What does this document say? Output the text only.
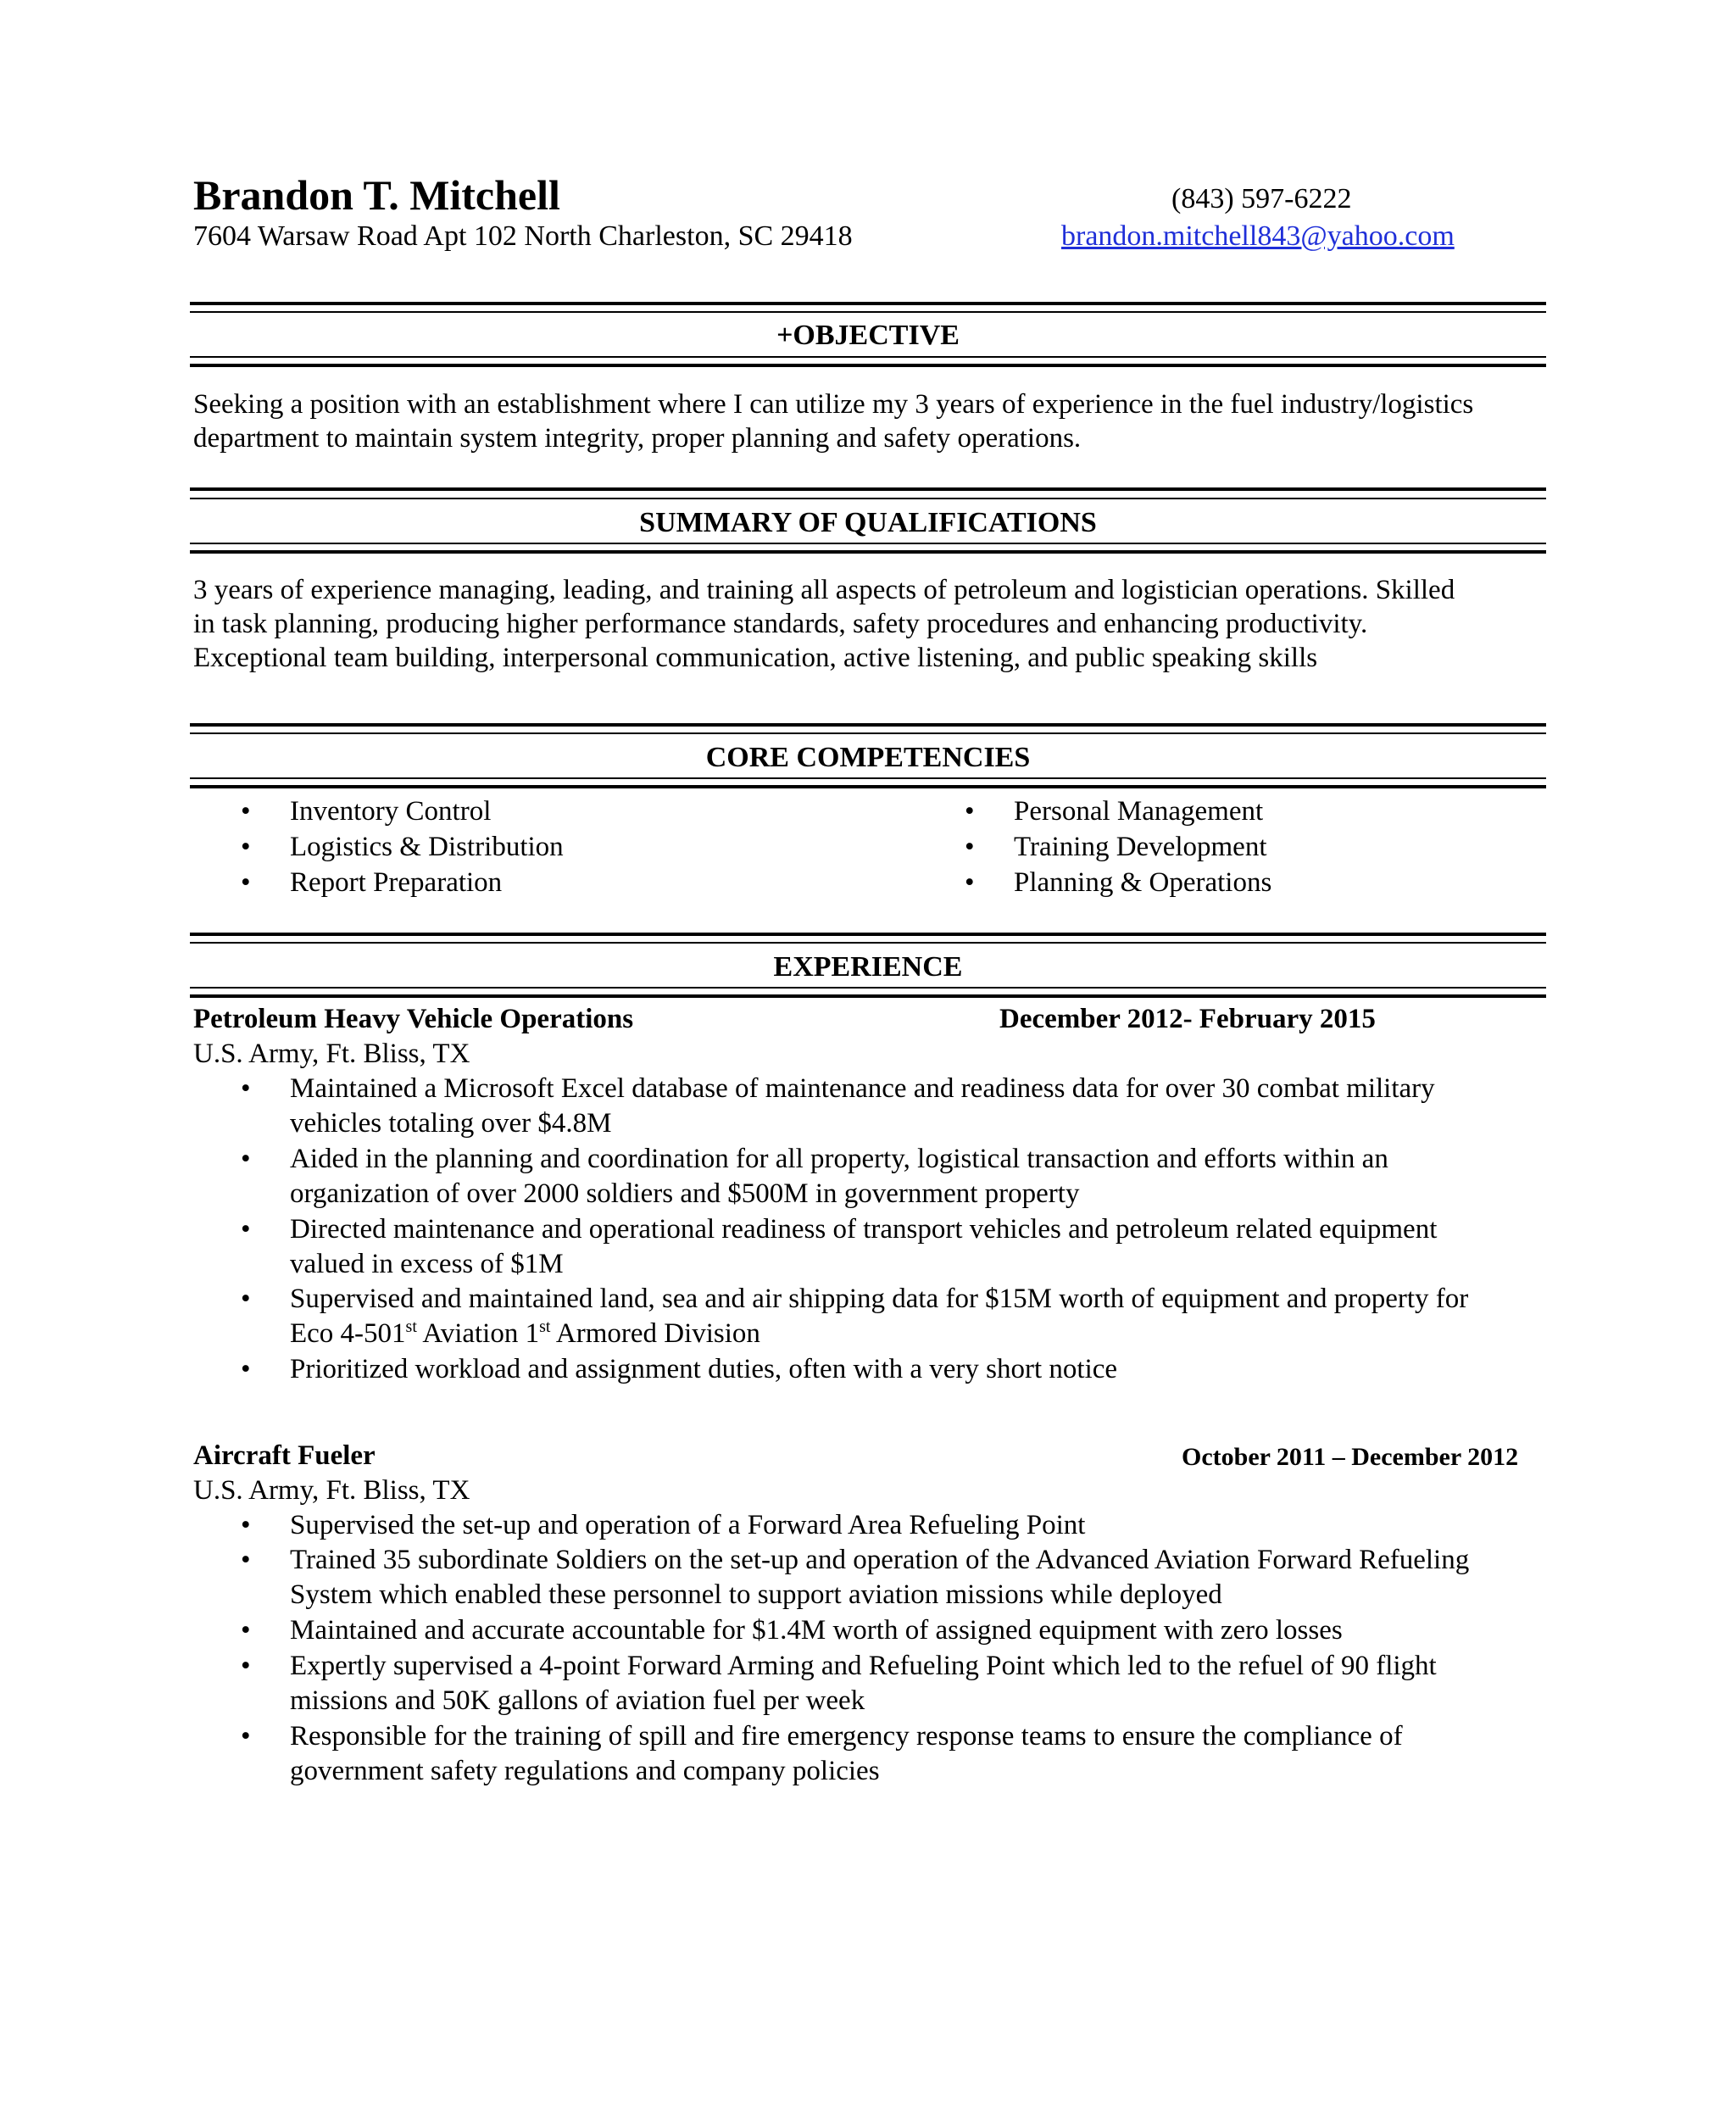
Brandon T. Mitchell
7604 Warsaw Road Apt 102 North Charleston, SC 29418
(843) 597-6222
brandon.mitchell843@yahoo.com
+OBJECTIVE
Seeking a position with an establishment where I can utilize my 3 years of experience in the fuel industry/logistics
department to maintain system integrity, proper planning and safety operations.
SUMMARY OF QUALIFICATIONS
3 years of experience managing, leading, and training all aspects of petroleum and logistician operations. Skilled
in task planning, producing higher performance standards, safety procedures and enhancing productivity.
Exceptional team building, interpersonal communication, active listening, and public speaking skills
CORE COMPETENCIES
• Inventory Control
• Logistics & Distribution
• Report Preparation
• Personal Management
• Training Development
• Planning & Operations
EXPERIENCE
Petroleum Heavy Vehicle Operations	December 2012- February 2015
U.S. Army, Ft. Bliss, TX
• Maintained a Microsoft Excel database of maintenance and readiness data for over 30 combat military
vehicles totaling over $4.8M
• Aided in the planning and coordination for all property, logistical transaction and efforts within an
organization of over 2000 soldiers and $500M in government property
• Directed maintenance and operational readiness of transport vehicles and petroleum related equipment
valued in excess of $1M
• Supervised and maintained land, sea and air shipping data for $15M worth of equipment and property for
Eco 4-501st Aviation 1st Armored Division
• Prioritized workload and assignment duties, often with a very short notice
Aircraft Fueler	October 2011 – December 2012
U.S. Army, Ft. Bliss, TX
• Supervised the set-up and operation of a Forward Area Refueling Point
• Trained 35 subordinate Soldiers on the set-up and operation of the Advanced Aviation Forward Refueling
System which enabled these personnel to support aviation missions while deployed
• Maintained and accurate accountable for $1.4M worth of assigned equipment with zero losses
• Expertly supervised a 4-point Forward Arming and Refueling Point which led to the refuel of 90 flight
missions and 50K gallons of aviation fuel per week
• Responsible for the training of spill and fire emergency response teams to ensure the compliance of
government safety regulations and company policies
